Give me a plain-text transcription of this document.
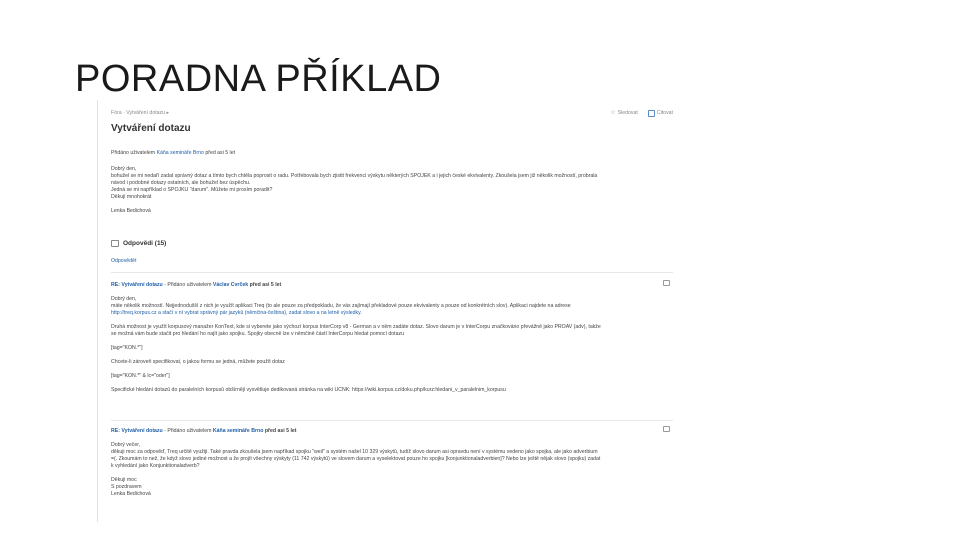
PORADNA PŘÍKLAD
Fóra · Vytváření dotazu ▸	☆ Sledovat	Citovat
Vytváření dotazu

Přidáno uživatelem Káňa semináře Brno před asi 5 let

Dobrý den,

bohužel se mi nedaří zadat správný dotaz a tímto bych chtěla poprosit o radu. Potřebovala bych zjistit frekvenci výskytu některých SPOJEK a i jejich české ekvivalenty. Zkoušela jsem již několik možností, probrala

návod i podobné dotazy ostatních, ale bohužel bez úspěchu.

Jedná se mi například o SPOJKU "darum". Můžete mi prosím poradit?

Děkuji mnohokrát

Lenka Bedichová

Odpovědi (15)
Odpovědět

RE: Vytváření dotazu - Přidáno uživatelem Václav Cvrček před asi 5 let

Dobrý den,

máte několik možností. Nejjednodušší z nich je využít aplikaci Treq (to ale pouze za předpokladu, že vás zajímají překladové pouze ekvivalenty a pouze od konkrétních slov). Aplikaci najdete na adrese

http://treq.korpus.cz a stačí v ní vybrat správný pár jazyků (němčina-čeština), zadat slovo a na letně výsledky.

Druhá možnost je využít korpusový manažer KonText, kde si vyberete jako výchozí korpus InterCorp v8 - German a v něm zadáte dotaz. Slovo darum je v InterCorpu značkováno převážně jako PROAV (adv), takže

se možná vám bude stačit pro hledání ho najít jako spojku. Spojky obecně lze v němčině částí InterCorpu hledat pomocí dotazu

[tag="KON.*"]

Chcete-li zároveň specifikovat, o jakou formu se jedná, můžete použít dotaz

[tag="KON.*" & lc="oder"]

Specifické hledání dotazů do paralelních korpusů obšírněji vysvětluje dedikovaná stránka na wiki ÚČNK: https://wiki.korpus.cz/doku.php/kurz:hledani_v_paralelnim_korpusu

RE: Vytváření dotazu - Přidáno uživatelem Káňa semináře Brno před asi 5 let

Dobrý večer,

děkuji moc za odpověď, Treq určitě využiji. Také pravda zkoušela jsem napříkad spojku "weil" a systém našel 10 329 výskytů, tudíž slovo darum asi opravdu není v systému vedeno jako spojka, ale jako adverbium

=(. Zkoumám to než, že když slovo jediné možnost a že projít všechny výskyty (11 742 výskytů) ve slovem darum a vyselektovat pouze ho spojku [konjunktionaladverbien]? Nebo lze ještě nějak slovo (spojku) zadat

k vyhledání jako Konjunktionaladverb?

Děkuji moc

S pozdravem

Lenka Bedichová
